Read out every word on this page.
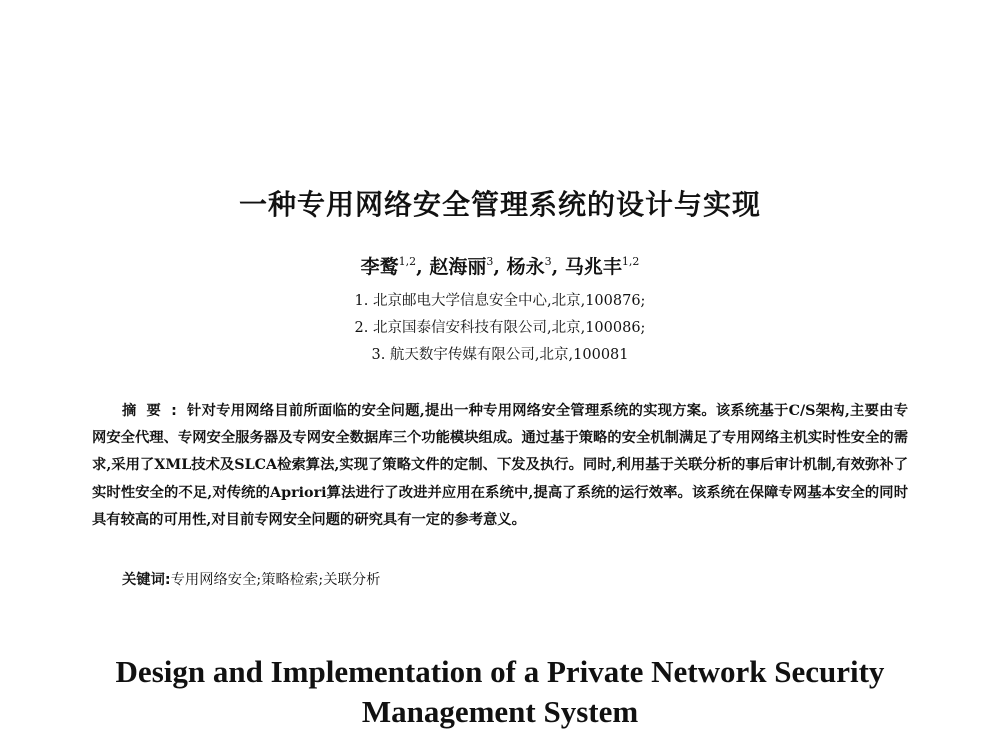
一种专用网络安全管理系统的设计与实现
李鹜$^{1,2}$, 赵海丽$^3$, 杨永$^3$, 马兆丰$^{1,2}$
1. 北京邮电大学信息安全中心,北京,100876;
2. 北京国泰信安科技有限公司,北京,100086;
3. 航天数宇传媒有限公司,北京,100081
摘要:针对专用网络目前所面临的安全问题,提出一种专用网络安全管理系统的实现方案。该系统基于C/S架构,主要由专网安全代理、专网安全服务器及专网安全数据库三个功能模块组成。通过基于策略的安全机制满足了专用网络主机实时性安全的需求,采用了XML技术及SLCA检索算法,实现了策略文件的定制、下发及执行。同时,利用基于关联分析的事后审计机制,有效弥补了实时性安全的不足,对传统的Apriori算法进行了改进并应用在系统中,提高了系统的运行效率。该系统在保障专网基本安全的同时具有较高的可用性,对目前专网安全问题的研究具有一定的参考意义。
关键词:专用网络安全;策略检索;关联分析
Design and Implementation of a Private Network Security
Management System
